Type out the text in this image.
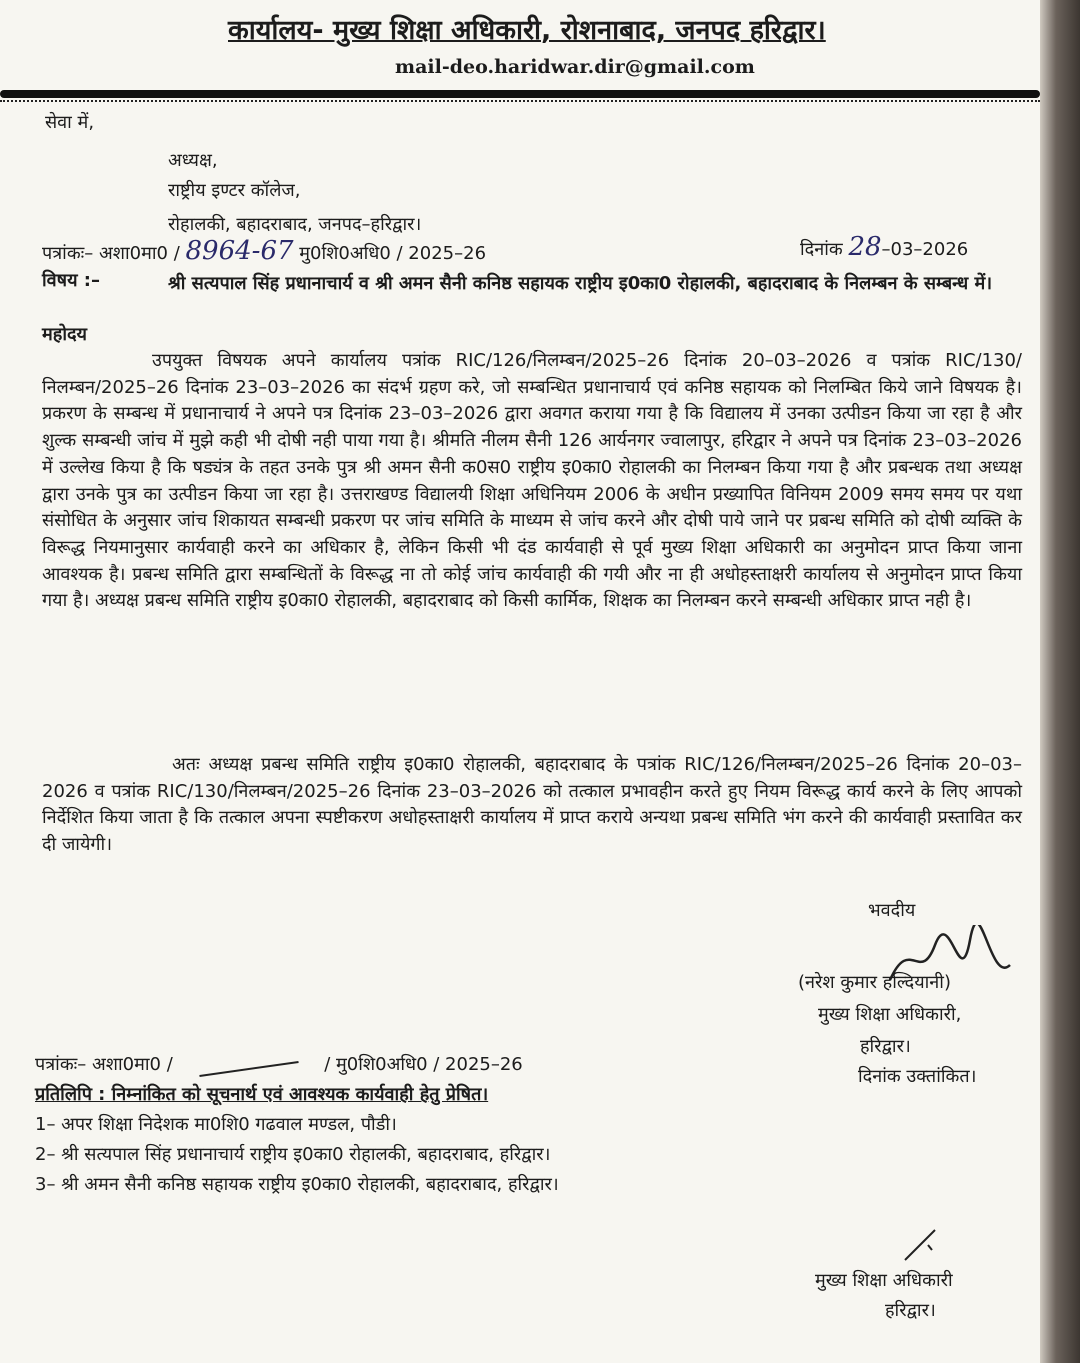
कार्यालय- मुख्य शिक्षा अधिकारी, रोशनाबाद, जनपद हरिद्वार।
mail-deo.haridwar.dir@gmail.com
सेवा में,
अध्यक्ष,
राष्ट्रीय इण्टर कॉलेज,
रोहालकी, बहादराबाद, जनपद–हरिद्वार।
पत्रांकः– अशा0मा0 / 8964-67 मु0शि0अधि0 / 2025–26	दिनांक 28–03–2026
विषय :–	श्री सत्यपाल सिंह प्रधानाचार्य व श्री अमन सैनी कनिष्ठ सहायक राष्ट्रीय इ0का0 रोहालकी, बहादराबाद के निलम्बन के सम्बन्ध में।
महोदय
उपयुक्त विषयक अपने कार्यालय पत्रांक RIC/126/निलम्बन/2025–26 दिनांक 20–03–2026 व पत्रांक RIC/130/निलम्बन/2025–26 दिनांक 23–03–2026 का संदर्भ ग्रहण करे, जो सम्बन्धित प्रधानाचार्य एवं कनिष्ठ सहायक को निलम्बित किये जाने विषयक है। प्रकरण के सम्बन्ध में प्रधानाचार्य ने अपने पत्र दिनांक 23–03–2026 द्वारा अवगत कराया गया है कि विद्यालय में उनका उत्पीडन किया जा रहा है और शुल्क सम्बन्धी जांच में मुझे कही भी दोषी नही पाया गया है। श्रीमति नीलम सैनी 126 आर्यनगर ज्वालापुर, हरिद्वार ने अपने पत्र दिनांक 23–03–2026 में उल्लेख किया है कि षड्यंत्र के तहत उनके पुत्र श्री अमन सैनी क0स0 राष्ट्रीय इ0का0 रोहालकी का निलम्बन किया गया है और प्रबन्धक तथा अध्यक्ष द्वारा उनके पुत्र का उत्पीडन किया जा रहा है। उत्तराखण्ड विद्यालयी शिक्षा अधिनियम 2006 के अधीन प्रख्यापित विनियम 2009 समय समय पर यथा संसोधित के अनुसार जांच शिकायत सम्बन्धी प्रकरण पर जांच समिति के माध्यम से जांच करने और दोषी पाये जाने पर प्रबन्ध समिति को दोषी व्यक्ति के विरूद्ध नियमानुसार कार्यवाही करने का अधिकार है, लेकिन किसी भी दंड कार्यवाही से पूर्व मुख्य शिक्षा अधिकारी का अनुमोदन प्राप्त किया जाना आवश्यक है। प्रबन्ध समिति द्वारा सम्बन्धितों के विरूद्ध ना तो कोई जांच कार्यवाही की गयी और ना ही अधोहस्ताक्षरी कार्यालय से अनुमोदन प्राप्त किया गया है। अध्यक्ष प्रबन्ध समिति राष्ट्रीय इ0का0 रोहालकी, बहादराबाद को किसी कार्मिक, शिक्षक का निलम्बन करने सम्बन्धी अधिकार प्राप्त नही है।
अतः अध्यक्ष प्रबन्ध समिति राष्ट्रीय इ0का0 रोहालकी, बहादराबाद के पत्रांक RIC/126/निलम्बन/2025–26 दिनांक 20–03–2026 व पत्रांक RIC/130/निलम्बन/2025–26 दिनांक 23–03–2026 को तत्काल प्रभावहीन करते हुए नियम विरूद्ध कार्य करने के लिए आपको निर्देशित किया जाता है कि तत्काल अपना स्पष्टीकरण अधोहस्ताक्षरी कार्यालय में प्राप्त कराये अन्यथा प्रबन्ध समिति भंग करने की कार्यवाही प्रस्तावित कर दी जायेगी।
भवदीय
(नरेश कुमार हल्दियानी)
मुख्य शिक्षा अधिकारी,
हरिद्वार।
दिनांक उक्तांकित।
पत्रांकः– अशा0मा0 /	/ मु0शि0अधि0 / 2025–26
प्रतिलिपि : निम्नांकित को सूचनार्थ एवं आवश्यक कार्यवाही हेतु प्रेषित।
1– अपर शिक्षा निदेशक मा0शि0 गढवाल मण्डल, पौडी।
2– श्री सत्यपाल सिंह प्रधानाचार्य राष्ट्रीय इ0का0 रोहालकी, बहादराबाद, हरिद्वार।
3– श्री अमन सैनी कनिष्ठ सहायक राष्ट्रीय इ0का0 रोहालकी, बहादराबाद, हरिद्वार।
मुख्य शिक्षा अधिकारी
हरिद्वार।
